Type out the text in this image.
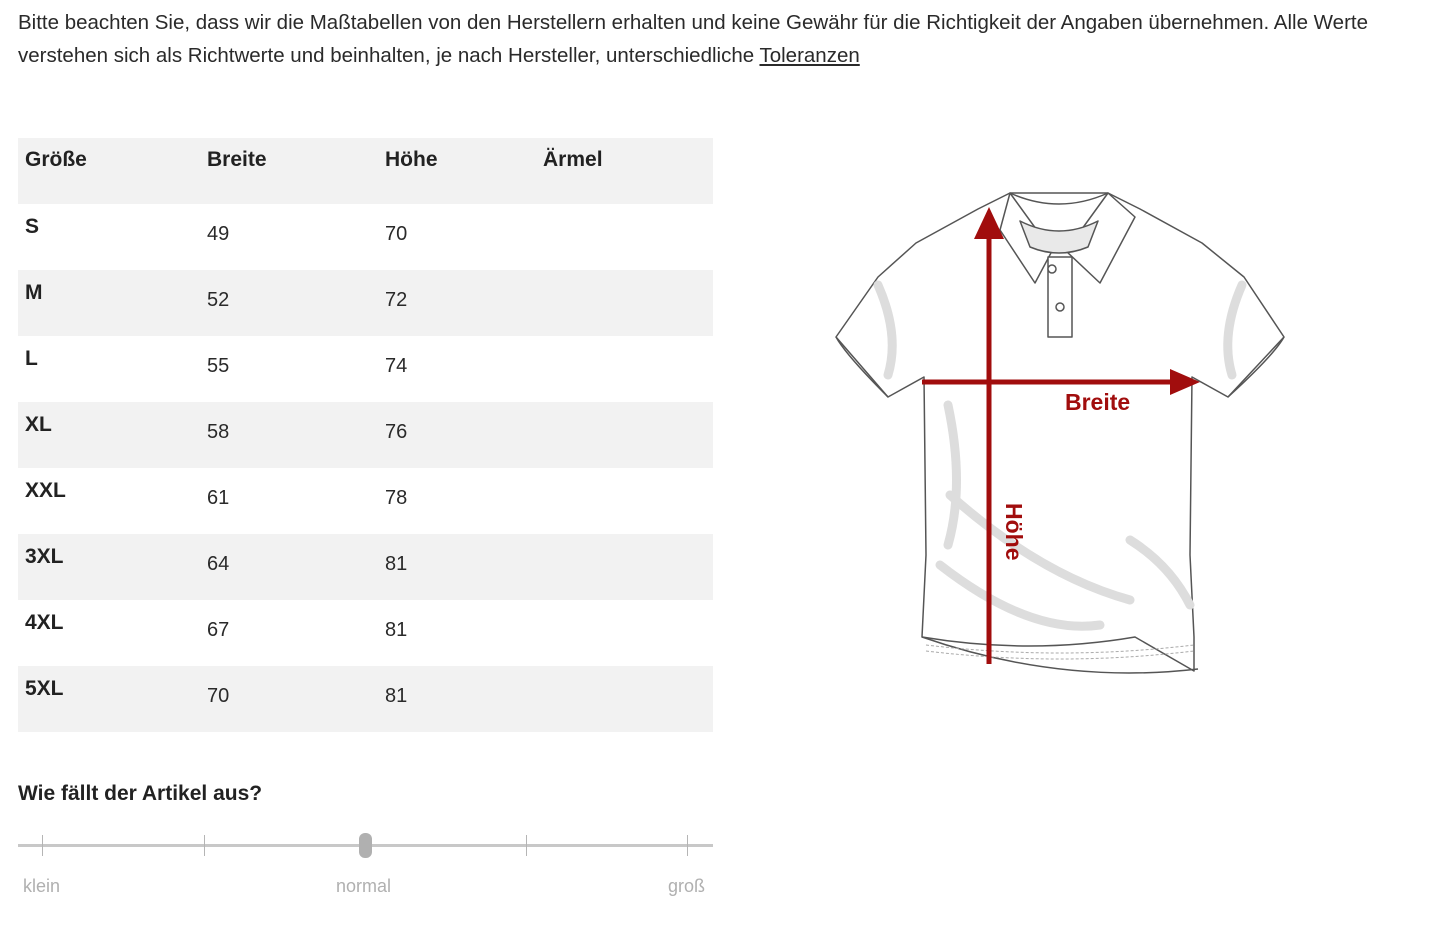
Bitte beachten Sie, dass wir die Maßtabellen von den Herstellern erhalten und keine Gewähr für die Richtigkeit der Angaben übernehmen. Alle Werte verstehen sich als Richtwerte und beinhalten, je nach Hersteller, unterschiedliche Toleranzen

Größe	Breite	Höhe	Ärmel
S	49	70	
M	52	72	
L	55	74	
XL	58	76	
XXL	61	78	
3XL	64	81	
4XL	67	81	
5XL	70	81	
Breite
Höhe
Wie fällt der Artikel aus?
klein	normal	groß
